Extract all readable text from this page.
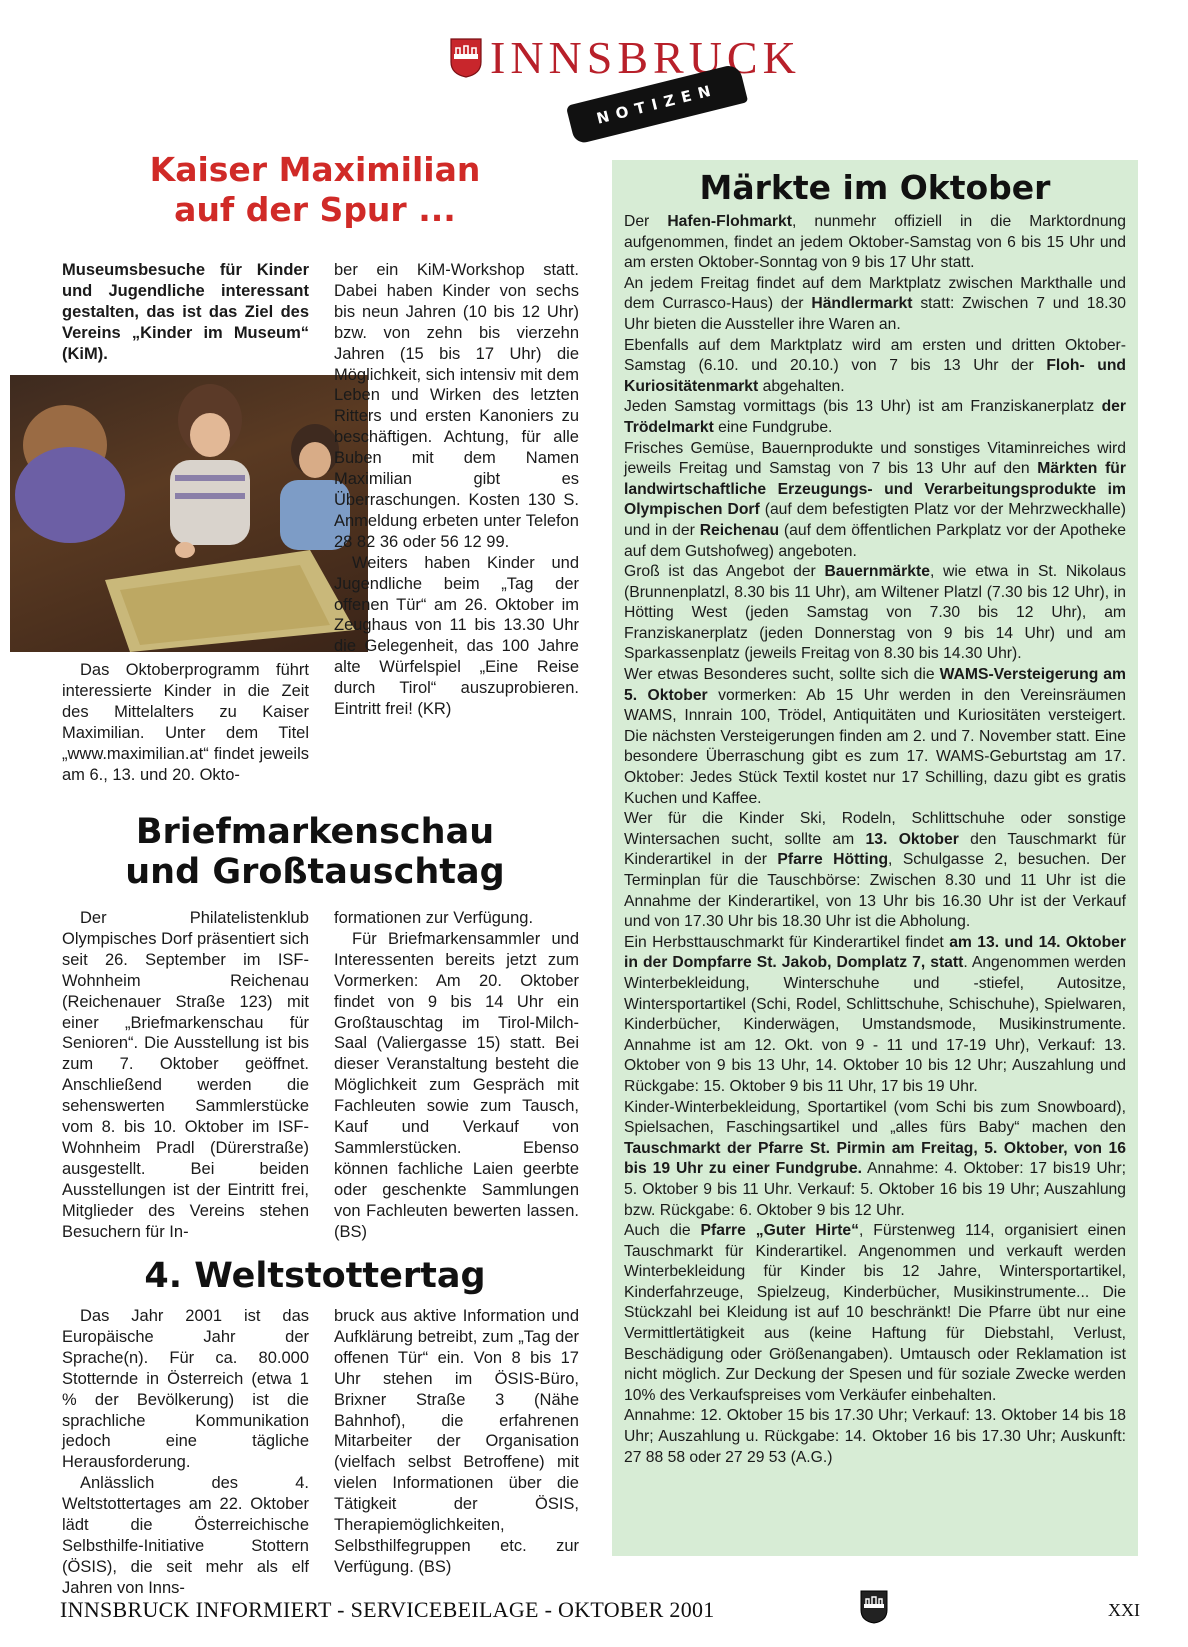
INNSBRUCK
NOTIZEN
Kaiser Maximilian
auf der Spur ...

Museumsbesuche für Kinder und Jugendliche interessant gestalten, das ist das Ziel des Vereins „Kinder im Museum“ (KiM).

Das Oktoberprogramm führt interessierte Kinder in die Zeit des Mittelalters zu Kaiser Maximilian. Unter dem Titel „www.maximilian.at“ findet jeweils am 6., 13. und 20. Okto-

ber ein KiM-Workshop statt. Dabei haben Kinder von sechs bis neun Jahren (10 bis 12 Uhr) bzw. von zehn bis vierzehn Jahren (15 bis 17 Uhr) die Möglichkeit, sich intensiv mit dem Leben und Wirken des letzten Ritters und ersten Kanoniers zu beschäftigen. Achtung, für alle Buben mit dem Namen Maximilian gibt es Überraschungen. Kosten 130 S. Anmeldung erbeten unter Telefon 28 82 36 oder 56 12 99.

Weiters haben Kinder und Jugendliche beim „Tag der offenen Tür“ am 26. Oktober im Zeughaus von 11 bis 13.30 Uhr die Gelegenheit, das 100 Jahre alte Würfelspiel „Eine Reise durch Tirol“ auszuprobieren. Eintritt frei! (KR)

Briefmarkenschau
und Großtauschtag

Der Philatelistenklub Olympisches Dorf präsentiert sich seit 26. September im ISF-Wohnheim Reichenau (Reichenauer Straße 123) mit einer „Briefmarkenschau für Senioren“. Die Ausstellung ist bis zum 7. Oktober geöffnet. Anschließend werden die sehenswerten Sammlerstücke vom 8. bis 10. Oktober im ISF-Wohnheim Pradl (Dürerstraße) ausgestellt. Bei beiden Ausstellungen ist der Eintritt frei, Mitglieder des Vereins stehen Besuchern für In-

formationen zur Verfügung.

Für Briefmarkensammler und Interessenten bereits jetzt zum Vormerken: Am 20. Oktober findet von 9 bis 14 Uhr ein Großtauschtag im Tirol-Milch-Saal (Valiergasse 15) statt. Bei dieser Veranstaltung besteht die Möglichkeit zum Gespräch mit Fachleuten sowie zum Tausch, Kauf und Verkauf von Sammlerstücken. Ebenso können fachliche Laien geerbte oder geschenkte Sammlungen von Fachleuten bewerten lassen. (BS)

4. Weltstottertag

Das Jahr 2001 ist das Europäische Jahr der Sprache(n). Für ca. 80.000 Stotternde in Österreich (etwa 1 % der Bevölkerung) ist die sprachliche Kommunikation jedoch eine tägliche Herausforderung.

Anlässlich des 4. Weltstottertages am 22. Oktober lädt die Österreichische Selbsthilfe-Initiative Stottern (ÖSIS), die seit mehr als elf Jahren von Inns-

bruck aus aktive Information und Aufklärung betreibt, zum „Tag der offenen Tür“ ein. Von 8 bis 17 Uhr stehen im ÖSIS-Büro, Brixner Straße 3 (Nähe Bahnhof), die erfahrenen Mitarbeiter der Organisation (vielfach selbst Betroffene) mit vielen Informationen über die Tätigkeit der ÖSIS, Therapiemöglichkeiten, Selbsthilfegruppen etc. zur Verfügung. (BS)

Märkte im Oktober

Der Hafen-Flohmarkt, nunmehr offiziell in die Marktordnung aufgenommen, findet an jedem Oktober-Samstag von 6 bis 15 Uhr und am ersten Oktober-Sonntag von 9 bis 17 Uhr statt.

An jedem Freitag findet auf dem Marktplatz zwischen Markthalle und dem Currasco-Haus) der Händlermarkt statt: Zwischen 7 und 18.30 Uhr bieten die Aussteller ihre Waren an.

Ebenfalls auf dem Marktplatz wird am ersten und dritten Oktober-Samstag (6.10. und 20.10.) von 7 bis 13 Uhr der Floh- und Kuriositätenmarkt abgehalten.

Jeden Samstag vormittags (bis 13 Uhr) ist am Franziskanerplatz der Trödelmarkt eine Fundgrube.

Frisches Gemüse, Bauernprodukte und sonstiges Vitaminreiches wird jeweils Freitag und Samstag von 7 bis 13 Uhr auf den Märkten für landwirtschaftliche Erzeugungs- und Verarbeitungsprodukte im Olympischen Dorf (auf dem befestigten Platz vor der Mehrzweckhalle) und in der Reichenau (auf dem öffentlichen Parkplatz vor der Apotheke auf dem Gutshofweg) angeboten.

Groß ist das Angebot der Bauernmärkte, wie etwa in St. Nikolaus (Brunnenplatzl, 8.30 bis 11 Uhr), am Wiltener Platzl (7.30 bis 12 Uhr), in Hötting West (jeden Samstag von 7.30 bis 12 Uhr), am Franziskanerplatz (jeden Donnerstag von 9 bis 14 Uhr) und am Sparkassenplatz (jeweils Freitag von 8.30 bis 14.30 Uhr).

Wer etwas Besonderes sucht, sollte sich die WAMS-Versteigerung am 5. Oktober vormerken: Ab 15 Uhr werden in den Vereinsräumen WAMS, Innrain 100, Trödel, Antiquitäten und Kuriositäten versteigert. Die nächsten Versteigerungen finden am 2. und 7. November statt. Eine besondere Überraschung gibt es zum 17. WAMS-Geburtstag am 17. Oktober: Jedes Stück Textil kostet nur 17 Schilling, dazu gibt es gratis Kuchen und Kaffee.

Wer für die Kinder Ski, Rodeln, Schlittschuhe oder sonstige Wintersachen sucht, sollte am 13. Oktober den Tauschmarkt für Kinderartikel in der Pfarre Hötting, Schulgasse 2, besuchen. Der Terminplan für die Tauschbörse: Zwischen 8.30 und 11 Uhr ist die Annahme der Kinderartikel, von 13 Uhr bis 16.30 Uhr ist der Verkauf und von 17.30 Uhr bis 18.30 Uhr ist die Abholung.

Ein Herbsttauschmarkt für Kinderartikel findet am 13. und 14. Oktober in der Dompfarre St. Jakob, Domplatz 7, statt. Angenommen werden Winterbekleidung, Winterschuhe und -stiefel, Autositze, Wintersportartikel (Schi, Rodel, Schlittschuhe, Schischuhe), Spielwaren, Kinderbücher, Kinderwägen, Umstandsmode, Musikinstrumente. Annahme ist am 12. Okt. von 9 - 11 und 17-19 Uhr), Verkauf: 13. Oktober von 9 bis 13 Uhr, 14. Oktober 10 bis 12 Uhr; Auszahlung und Rückgabe: 15. Oktober 9 bis 11 Uhr, 17 bis 19 Uhr.

Kinder-Winterbekleidung, Sportartikel (vom Schi bis zum Snowboard), Spielsachen, Faschingsartikel und „alles fürs Baby“ machen den Tauschmarkt der Pfarre St. Pirmin am Freitag, 5. Oktober, von 16 bis 19 Uhr zu einer Fundgrube. Annahme: 4. Oktober: 17 bis19 Uhr; 5. Oktober 9 bis 11 Uhr. Verkauf: 5. Oktober 16 bis 19 Uhr; Auszahlung bzw. Rückgabe: 6. Oktober 9 bis 12 Uhr.

Auch die Pfarre „Guter Hirte“, Fürstenweg 114, organisiert einen Tauschmarkt für Kinderartikel. Angenommen und verkauft werden Winterbekleidung für Kinder bis 12 Jahre, Wintersportartikel, Kinderfahrzeuge, Spielzeug, Kinderbücher, Musikinstrumente... Die Stückzahl bei Kleidung ist auf 10 beschränkt! Die Pfarre übt nur eine Vermittlertätigkeit aus (keine Haftung für Diebstahl, Verlust, Beschädigung oder Größenangaben). Umtausch oder Reklamation ist nicht möglich. Zur Deckung der Spesen und für soziale Zwecke werden 10% des Verkaufspreises vom Verkäufer einbehalten.

Annahme: 12. Oktober 15 bis 17.30 Uhr; Verkauf: 13. Oktober 14 bis 18 Uhr; Auszahlung u. Rückgabe: 14. Oktober 16 bis 17.30 Uhr; Auskunft: 27 88 58 oder 27 29 53 (A.G.)

INNSBRUCK INFORMIERT - SERVICEBEILAGE - OKTOBER 2001	XXI
